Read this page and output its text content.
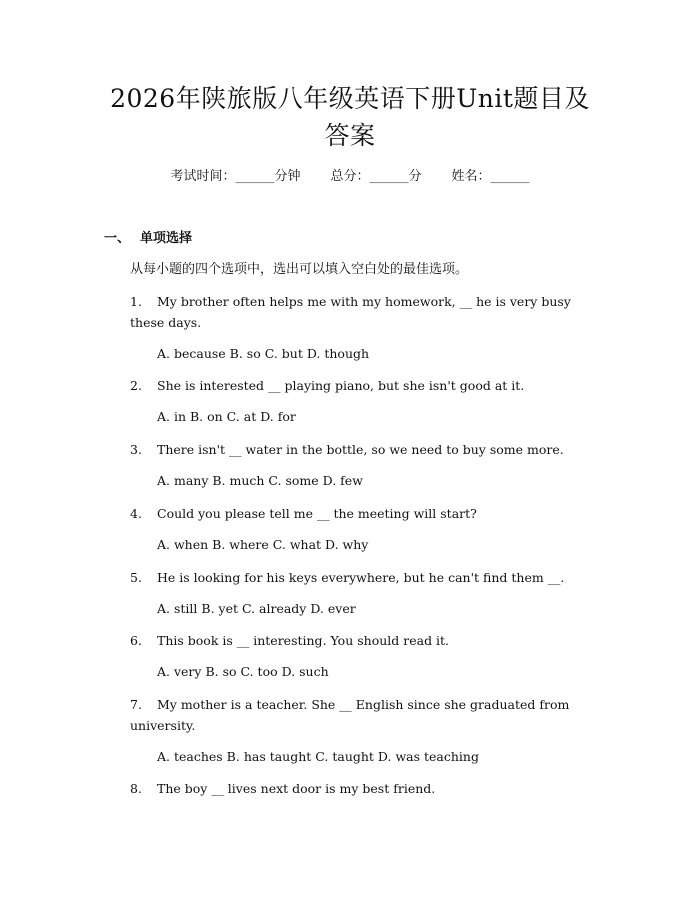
2026年陕旅版八年级英语下册Unit题目及答案
考试时间：______分钟 总分：______分 姓名：______
一、 单项选择
从每小题的四个选项中，选出可以填入空白处的最佳选项。
1. My brother often helps me with my homework, __ he is very busy these days.
A. because B. so C. but D. though
2. She is interested __ playing piano, but she isn't good at it.
A. in B. on C. at D. for
3. There isn't __ water in the bottle, so we need to buy some more.
A. many B. much C. some D. few
4. Could you please tell me __ the meeting will start?
A. when B. where C. what D. why
5. He is looking for his keys everywhere, but he can't find them __.
A. still B. yet C. already D. ever
6. This book is __ interesting. You should read it.
A. very B. so C. too D. such
7. My mother is a teacher. She __ English since she graduated from university.
A. teaches B. has taught C. taught D. was teaching
8. The boy __ lives next door is my best friend.
